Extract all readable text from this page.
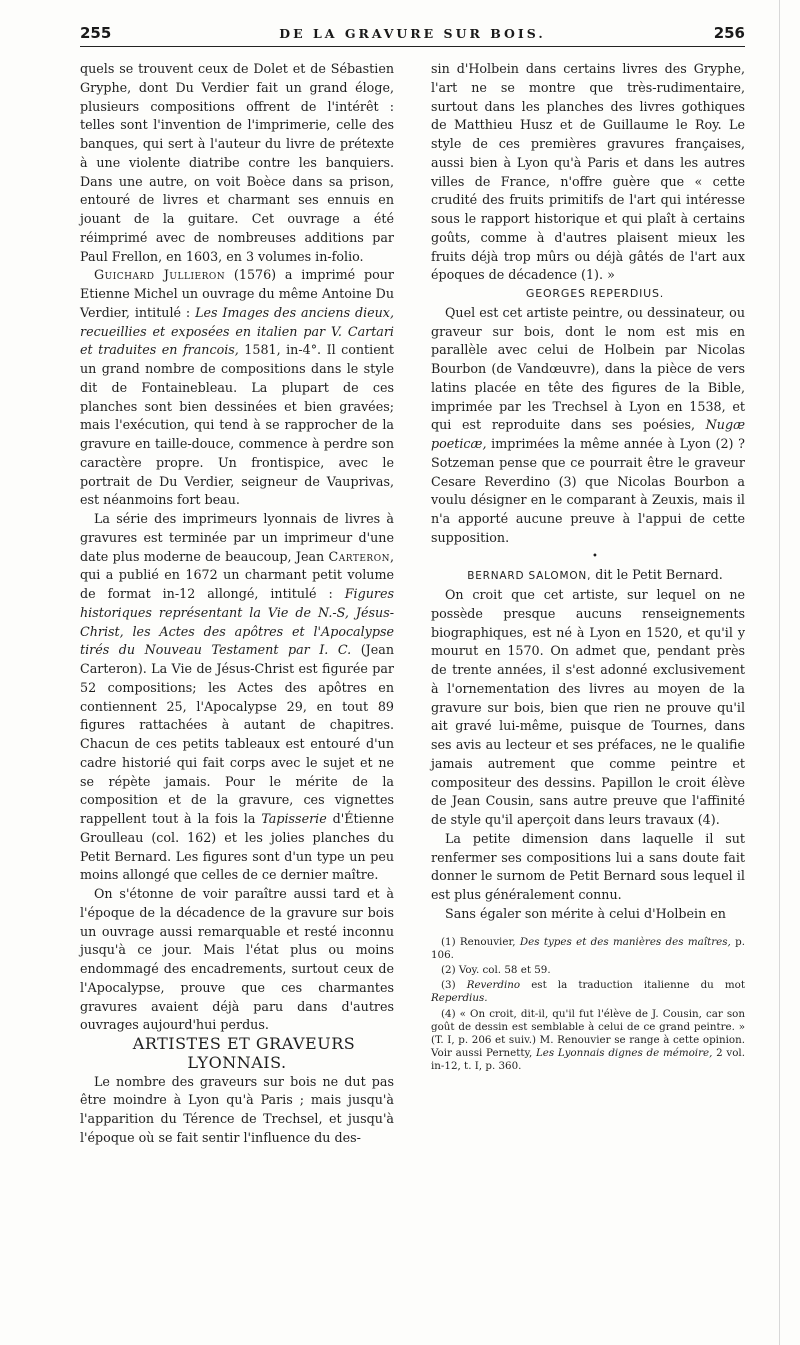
255	DE LA GRAVURE SUR BOIS.	256

quels se trouvent ceux de Dolet et de Sébastien Gryphe, dont Du Verdier fait un grand éloge, plusieurs compositions offrent de l'intérêt : telles sont l'invention de l'imprimerie, celle des banques, qui sert à l'auteur du livre de prétexte à une violente diatribe contre les banquiers. Dans une autre, on voit Boèce dans sa prison, entouré de livres et charmant ses ennuis en jouant de la guitare. Cet ouvrage a été réimprimé avec de nombreuses additions par Paul Frellon, en 1603, en 3 volumes in-folio.

Guichard Jullieron (1576) a imprimé pour Etienne Michel un ouvrage du même Antoine Du Verdier, intitulé : Les Images des anciens dieux, recueillies et exposées en italien par V. Cartari et traduites en francois, 1581, in-4°. Il contient un grand nombre de compositions dans le style dit de Fontainebleau. La plupart de ces planches sont bien dessinées et bien gravées; mais l'exécution, qui tend à se rapprocher de la gravure en taille-douce, commence à perdre son caractère propre. Un frontispice, avec le portrait de Du Verdier, seigneur de Vauprivas, est néanmoins fort beau.

La série des imprimeurs lyonnais de livres à gravures est terminée par un imprimeur d'une date plus moderne de beaucoup, Jean Carteron, qui a publié en 1672 un charmant petit volume de format in-12 allongé, intitulé : Figures historiques représentant la Vie de N.-S, Jésus-Christ, les Actes des apôtres et l'Apocalypse tirés du Nouveau Testament par I. C. (Jean Carteron). La Vie de Jésus-Christ est figurée par 52 compositions; les Actes des apôtres en contiennent 25, l'Apocalypse 29, en tout 89 figures rattachées à autant de chapitres. Chacun de ces petits tableaux est entouré d'un cadre historié qui fait corps avec le sujet et ne se répète jamais. Pour le mérite de la composition et de la gravure, ces vignettes rappellent tout à la fois la Tapisserie d'Étienne Groulleau (col. 162) et les jolies planches du Petit Bernard. Les figures sont d'un type un peu moins allongé que celles de ce dernier maître.

On s'étonne de voir paraître aussi tard et à l'époque de la décadence de la gravure sur bois un ouvrage aussi remarquable et resté inconnu jusqu'à ce jour. Mais l'état plus ou moins endommagé des encadrements, surtout ceux de l'Apocalypse, prouve que ces charmantes gravures avaient déjà paru dans d'autres ouvrages aujourd'hui perdus.

ARTISTES ET GRAVEURS LYONNAIS.

Le nombre des graveurs sur bois ne dut pas être moindre à Lyon qu'à Paris ; mais jusqu'à l'apparition du Térence de Trechsel, et jusqu'à l'époque où se fait sentir l'influence du des-

sin d'Holbein dans certains livres des Gryphe, l'art ne se montre que très-rudimentaire, surtout dans les planches des livres gothiques de Matthieu Husz et de Guillaume le Roy. Le style de ces premières gravures françaises, aussi bien à Lyon qu'à Paris et dans les autres villes de France, n'offre guère que « cette crudité des fruits primitifs de l'art qui intéresse sous le rapport historique et qui plaît à certains goûts, comme à d'autres plaisent mieux les fruits déjà trop mûrs ou déjà gâtés de l'art aux époques de décadence (1). »

GEORGES REPERDIUS.

Quel est cet artiste peintre, ou dessinateur, ou graveur sur bois, dont le nom est mis en parallèle avec celui de Holbein par Nicolas Bourbon (de Vandœuvre), dans la pièce de vers latins placée en tête des figures de la Bible, imprimée par les Trechsel à Lyon en 1538, et qui est reproduite dans ses poésies, Nugæ poeticæ, imprimées la même année à Lyon (2) ? Sotzeman pense que ce pourrait être le graveur Cesare Reverdino (3) que Nicolas Bourbon a voulu désigner en le comparant à Zeuxis, mais il n'a apporté aucune preuve à l'appui de cette supposition.

•

BERNARD SALOMON, dit le Petit Bernard.

On croit que cet artiste, sur lequel on ne possède presque aucuns renseignements biographiques, est né à Lyon en 1520, et qu'il y mourut en 1570. On admet que, pendant près de trente années, il s'est adonné exclusivement à l'ornementation des livres au moyen de la gravure sur bois, bien que rien ne prouve qu'il ait gravé lui-même, puisque de Tournes, dans ses avis au lecteur et ses préfaces, ne le qualifie jamais autrement que comme peintre et compositeur des dessins. Papillon le croit élève de Jean Cousin, sans autre preuve que l'affinité de style qu'il aperçoit dans leurs travaux (4).

La petite dimension dans laquelle il sut renfermer ses compositions lui a sans doute fait donner le surnom de Petit Bernard sous lequel il est plus généralement connu.

Sans égaler son mérite à celui d'Holbein en

(1) Renouvier, Des types et des manières des maîtres, p. 106.

(2) Voy. col. 58 et 59.

(3) Reverdino est la traduction italienne du mot Reperdius.

(4) « On croit, dit-il, qu'il fut l'élève de J. Cousin, car son goût de dessin est semblable à celui de ce grand peintre. » (T. I, p. 206 et suiv.) M. Renouvier se range à cette opinion. Voir aussi Pernetty, Les Lyonnais dignes de mémoire, 2 vol. in-12, t. I, p. 360.
